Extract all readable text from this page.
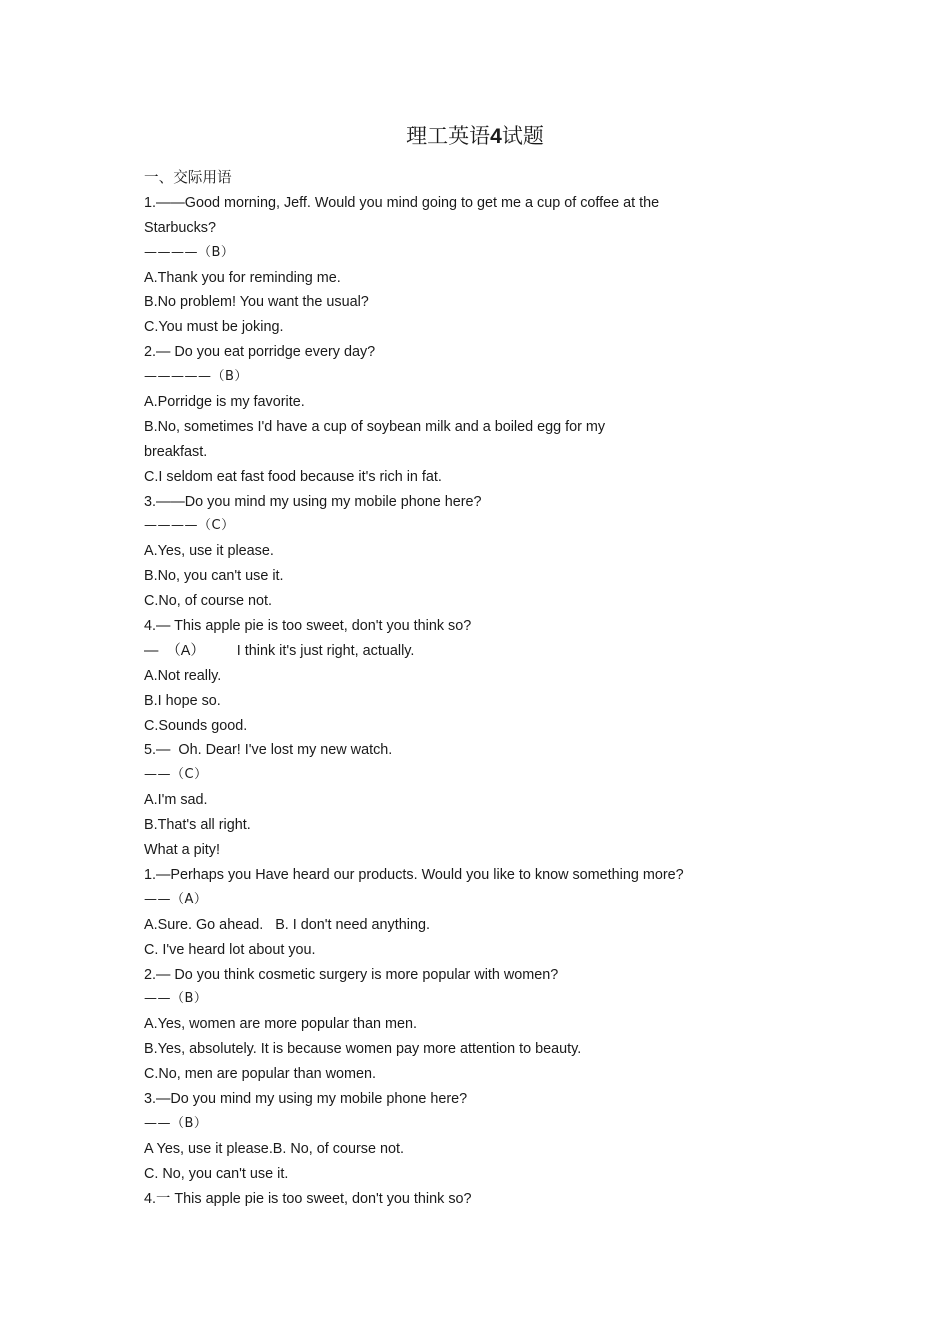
理工英语4试题
一、交际用语
1.——Good morning, Jeff. Would you mind going to get me a cup of coffee at the
Starbucks?
————（B）
A.Thank you for reminding me.
B.No problem! You want the usual?
C.You must be joking.
2.— Do you eat porridge every day?
—————（B）
A.Porridge is my favorite.
B.No, sometimes I'd have a cup of soybean milk and a boiled egg for my
breakfast.
C.I seldom eat fast food because it's rich in fat.
3.——Do you mind my using my mobile phone here?
————（C）
A.Yes, use it please.
B.No, you can't use it.
C.No, of course not.
4.— This apple pie is too sweet, don't you think so?
—  （A）        I think it's just right, actually.
A.Not really.
B.I hope so.
C.Sounds good.
5.—  Oh. Dear! I've lost my new watch.
——（C）
A.I'm sad.
B.That's all right.
What a pity!
1.—Perhaps you Have heard our products. Would you like to know something more?
——（A）
A.Sure. Go ahead.   B. I don't need anything.
C. I've heard lot about you.
2.— Do you think cosmetic surgery is more popular with women?
——（B）
A.Yes, women are more popular than men.
B.Yes, absolutely. It is because women pay more attention to beauty.
C.No, men are popular than women.
3.—Do you mind my using my mobile phone here?
——（B）
A Yes, use it please.B. No, of course not.
C. No, you can't use it.
4.一 This apple pie is too sweet, don't you think so?
